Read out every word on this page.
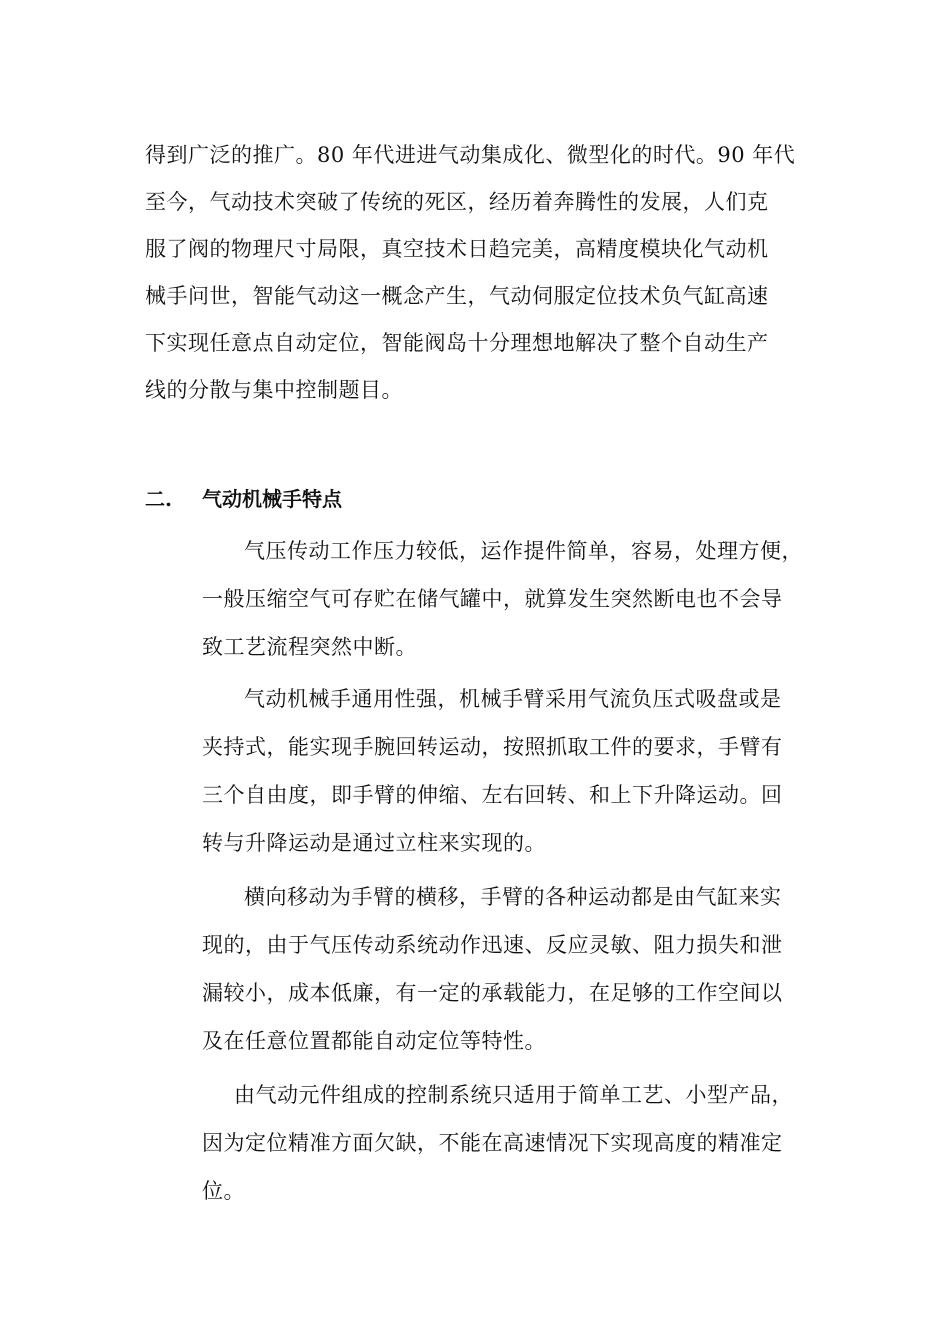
得到广泛的推广。80 年代进进气动集成化、微型化的时代。90 年代
至今，气动技术突破了传统的死区，经历着奔腾性的发展，人们克
服了阀的物理尺寸局限，真空技术日趋完美，高精度模块化气动机
械手问世，智能气动这一概念产生，气动伺服定位技术负气缸高速
下实现任意点自动定位，智能阀岛十分理想地解决了整个自动生产
线的分散与集中控制题目。
二. 气动机械手特点
气压传动工作压力较低，运作提件简单，容易，处理方便，
一般压缩空气可存贮在储气罐中，就算发生突然断电也不会导
致工艺流程突然中断。
气动机械手通用性强，机械手臂采用气流负压式吸盘或是
夹持式，能实现手腕回转运动，按照抓取工件的要求，手臂有
三个自由度，即手臂的伸缩、左右回转、和上下升降运动。回
转与升降运动是通过立柱来实现的。
横向移动为手臂的横移，手臂的各种运动都是由气缸来实
现的，由于气压传动系统动作迅速、反应灵敏、阻力损失和泄
漏较小，成本低廉，有一定的承载能力，在足够的工作空间以
及在任意位置都能自动定位等特性。
由气动元件组成的控制系统只适用于简单工艺、小型产品，
因为定位精准方面欠缺，不能在高速情况下实现高度的精准定
位。
